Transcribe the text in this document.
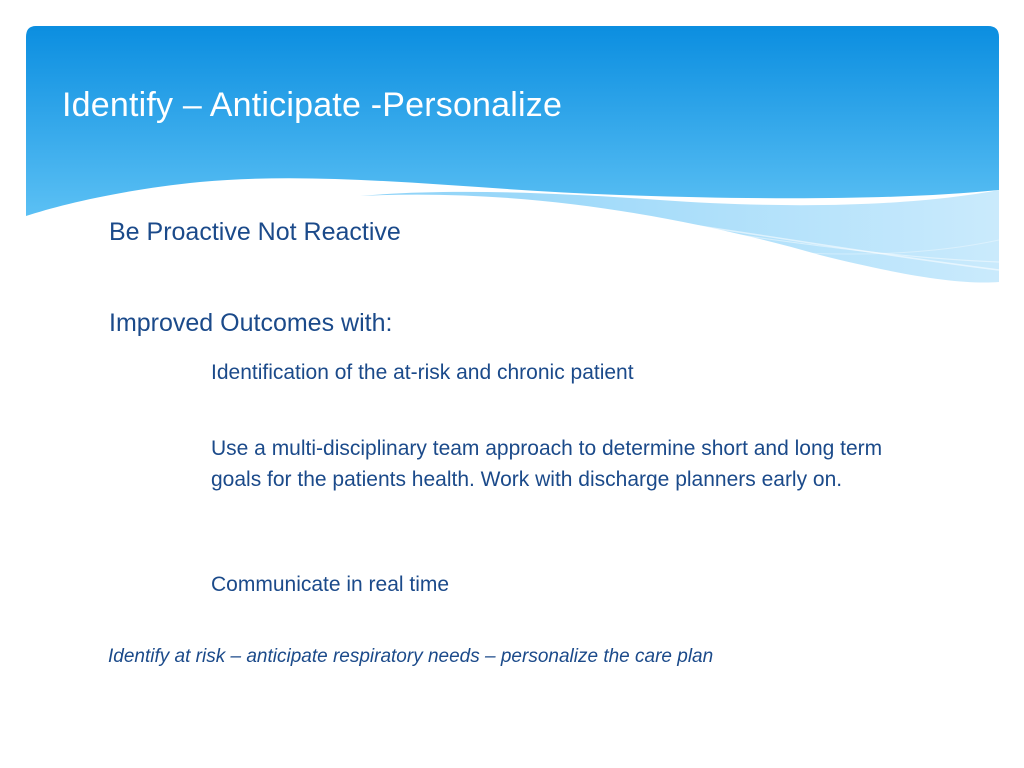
Identify – Anticipate -Personalize
Be Proactive Not Reactive
Improved Outcomes with:
Identification of the at-risk and chronic patient
Use a multi-disciplinary team approach to determine short and long term goals for the patients health. Work with discharge planners early on.
Communicate in real time
Identify at risk – anticipate respiratory needs – personalize the care plan
